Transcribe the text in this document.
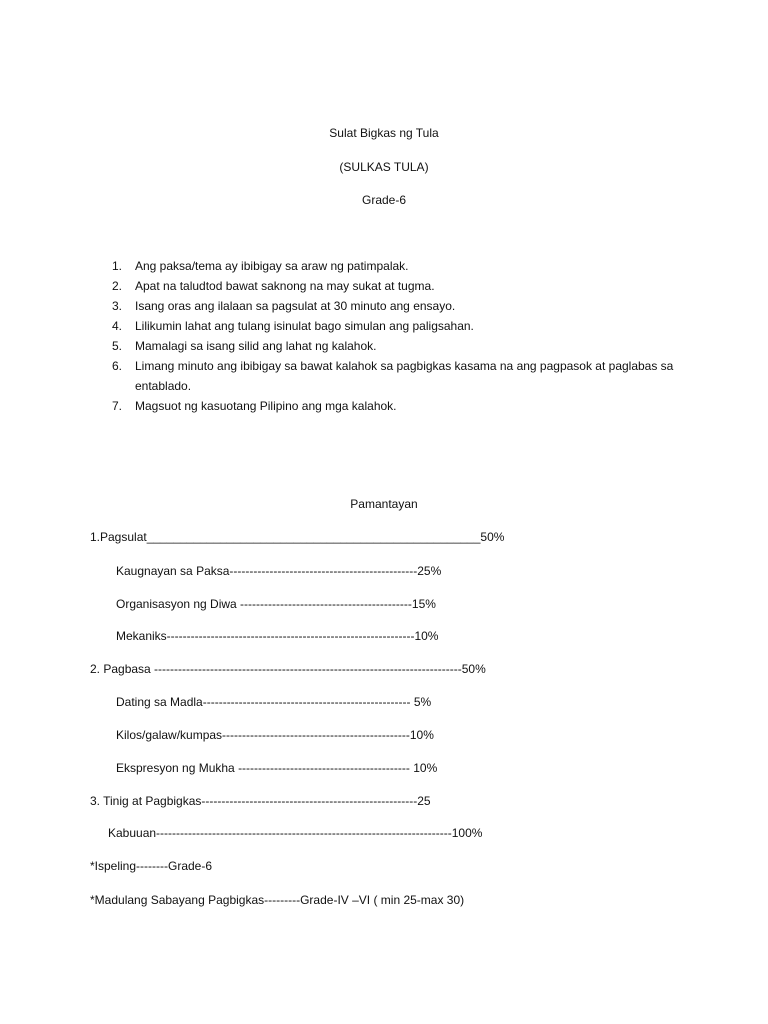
Sulat Bigkas ng Tula
(SULKAS TULA)
Grade-6
1.	Ang paksa/tema ay ibibigay sa araw ng patimpalak.
2.	Apat na taludtod bawat saknong na may sukat at tugma.
3.	Isang oras ang ilalaan sa pagsulat at 30 minuto ang ensayo.
4.	Lilikumin lahat ang tulang isinulat bago simulan ang paligsahan.
5.	Mamalagi sa isang silid ang lahat ng kalahok.
6.	Limang minuto ang ibibigay sa bawat kalahok sa pagbigkas kasama na ang pagpasok at paglabas sa entablado.
7.	Magsuot ng kasuotang Pilipino ang mga kalahok.
Pamantayan
1.Pagsulat__________________________________________________50%
Kaugnayan sa Paksa-----------------------------------------------25%
Organisasyon ng Diwa -------------------------------------------15%
Mekaniks--------------------------------------------------------------10%
2. Pagbasa -----------------------------------------------------------------------------50%
Dating sa Madla---------------------------------------------------- 5%
Kilos/galaw/kumpas-----------------------------------------------10%
Ekspresyon ng Mukha ------------------------------------------- 10%
3. Tinig at Pagbigkas------------------------------------------------------25
Kabuuan--------------------------------------------------------------------------100%
*Ispeling--------Grade-6
*Madulang Sabayang Pagbigkas---------Grade-IV –VI ( min 25-max 30)
